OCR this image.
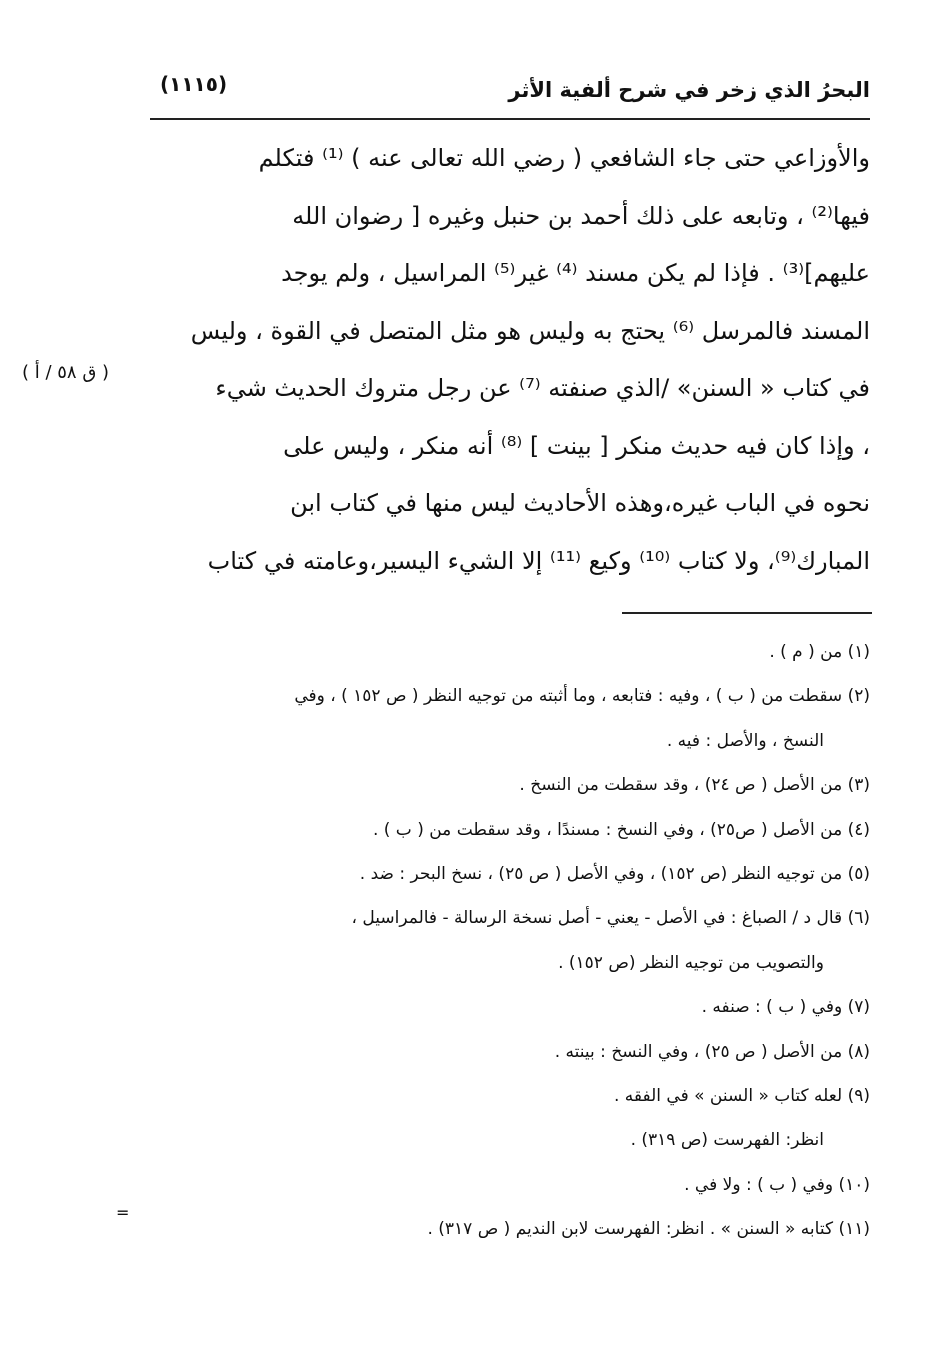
البحرُ الذي زخر في شرح ألفية الأثر
(١١١٥)
والأوزاعي حتى جاء الشافعي ( رضي الله تعالى عنه ) ⁽¹⁾ فتكلم
فيها⁽²⁾ ، وتابعه على ذلك أحمد بن حنبل وغيره [ رضوان الله
عليهم]⁽³⁾ . فإذا لم يكن مسند ⁽⁴⁾ غير⁽⁵⁾ المراسيل ، ولم يوجد
المسند فالمرسل ⁽⁶⁾ يحتج به وليس هو مثل المتصل في القوة ، وليس
في كتاب « السنن» /الذي صنفته ⁽⁷⁾ عن رجل متروك الحديث شيء
، وإذا كان فيه حديث منكر [ بينت ] ⁽⁸⁾ أنه منكر ، وليس على
نحوه في الباب غيره،وهذه الأحاديث ليس منها في كتاب ابن
المبارك⁽⁹⁾، ولا كتاب ⁽¹⁰⁾ وكيع ⁽¹¹⁾ إلا الشيء اليسير،وعامته في كتاب
( ق ٥٨ / أ )
(١) من ( م ) .
(٢) سقطت من ( ب ) ، وفيه : فتابعه ، وما أثبته من توجيه النظر ( ص ١٥٢ ) ، وفي
النسخ ، والأصل : فيه .
(٣) من الأصل ( ص ٢٤) ، وقد سقطت من النسخ .
(٤) من الأصل ( ص٢٥) ، وفي النسخ : مسندًا ، وقد سقطت من ( ب ) .
(٥) من توجيه النظر (ص ١٥٢) ، وفي الأصل ( ص ٢٥) ، نسخ البحر : ضد .
(٦) قال د / الصباغ : في الأصل - يعني - أصل نسخة الرسالة - فالمراسيل ،
والتصويب من توجيه النظر (ص ١٥٢) .
(٧) وفي ( ب ) : صنفه .
(٨) من الأصل ( ص ٢٥) ، وفي النسخ : بينته .
(٩) لعله كتاب « السنن » في الفقه .
انظر: الفهرست (ص ٣١٩) .
(١٠) وفي ( ب ) : ولا في .
(١١) كتابه « السنن » . انظر: الفهرست لابن النديم ( ص ٣١٧) .
=
